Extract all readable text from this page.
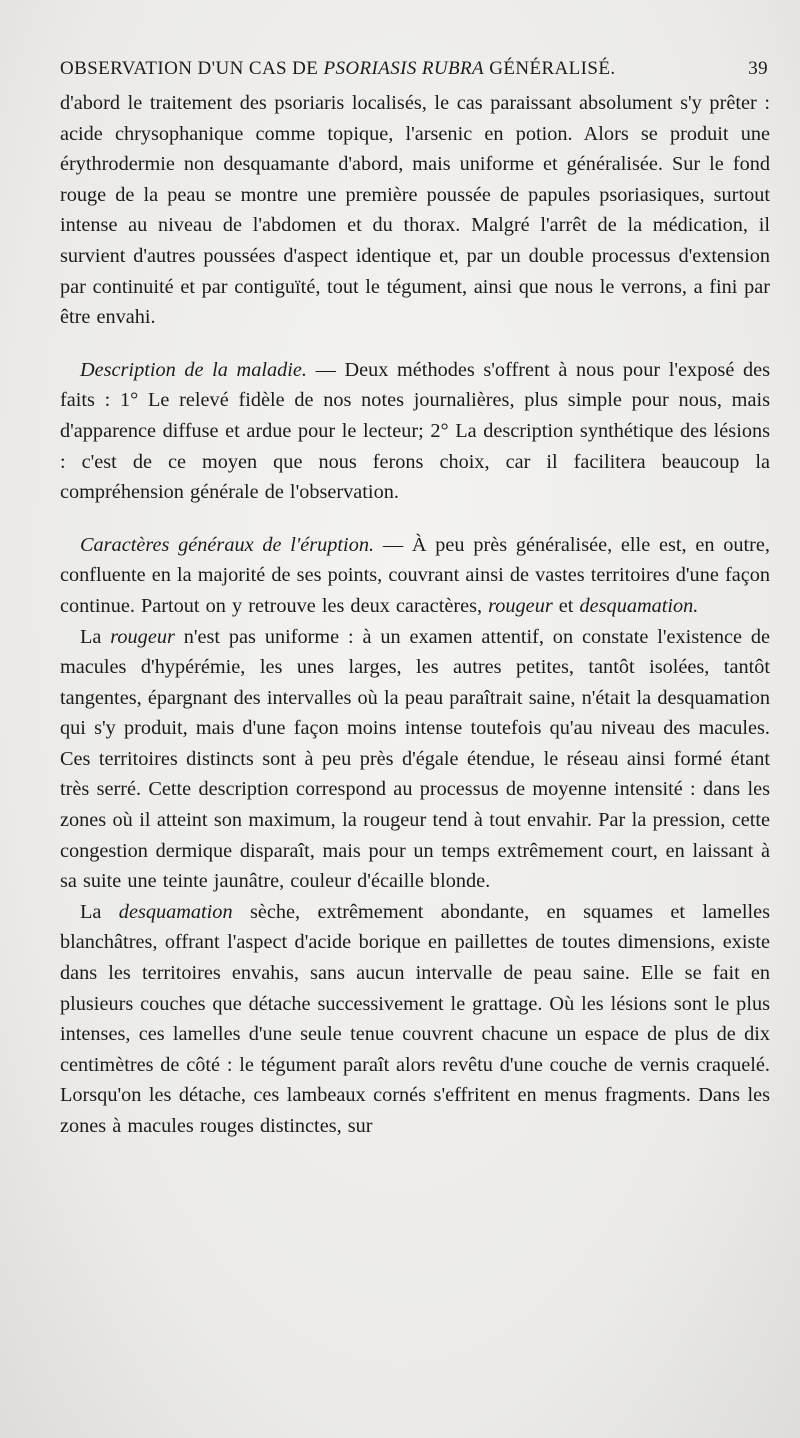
OBSERVATION D'UN CAS DE PSORIASIS RUBRA GÉNÉRALISÉ.	39

d'abord le traitement des psoriaris localisés, le cas paraissant absolument s'y prêter : acide chrysophanique comme topique, l'arsenic en potion. Alors se produit une érythrodermie non desquamante d'abord, mais uniforme et généralisée. Sur le fond rouge de la peau se montre une première poussée de papules psoriasiques, surtout intense au niveau de l'abdomen et du thorax. Malgré l'arrêt de la médication, il survient d'autres poussées d'aspect identique et, par un double processus d'extension par continuité et par contiguïté, tout le tégument, ainsi que nous le verrons, a fini par être envahi.

Description de la maladie. — Deux méthodes s'offrent à nous pour l'exposé des faits : 1° Le relevé fidèle de nos notes journalières, plus simple pour nous, mais d'apparence diffuse et ardue pour le lecteur; 2° La description synthétique des lésions : c'est de ce moyen que nous ferons choix, car il facilitera beaucoup la compréhension générale de l'observation.

Caractères généraux de l'éruption. — À peu près généralisée, elle est, en outre, confluente en la majorité de ses points, couvrant ainsi de vastes territoires d'une façon continue. Partout on y retrouve les deux caractères, rougeur et desquamation.

La rougeur n'est pas uniforme : à un examen attentif, on constate l'existence de macules d'hypérémie, les unes larges, les autres petites, tantôt isolées, tantôt tangentes, épargnant des intervalles où la peau paraîtrait saine, n'était la desquamation qui s'y produit, mais d'une façon moins intense toutefois qu'au niveau des macules. Ces territoires distincts sont à peu près d'égale étendue, le réseau ainsi formé étant très serré. Cette description correspond au processus de moyenne intensité : dans les zones où il atteint son maximum, la rougeur tend à tout envahir. Par la pression, cette congestion dermique disparaît, mais pour un temps extrêmement court, en laissant à sa suite une teinte jaunâtre, couleur d'écaille blonde.

La desquamation sèche, extrêmement abondante, en squames et lamelles blanchâtres, offrant l'aspect d'acide borique en paillettes de toutes dimensions, existe dans les territoires envahis, sans aucun intervalle de peau saine. Elle se fait en plusieurs couches que détache successivement le grattage. Où les lésions sont le plus intenses, ces lamelles d'une seule tenue couvrent chacune un espace de plus de dix centimètres de côté : le tégument paraît alors revêtu d'une couche de vernis craquelé. Lorsqu'on les détache, ces lambeaux cornés s'effritent en menus fragments. Dans les zones à macules rouges distinctes, sur
